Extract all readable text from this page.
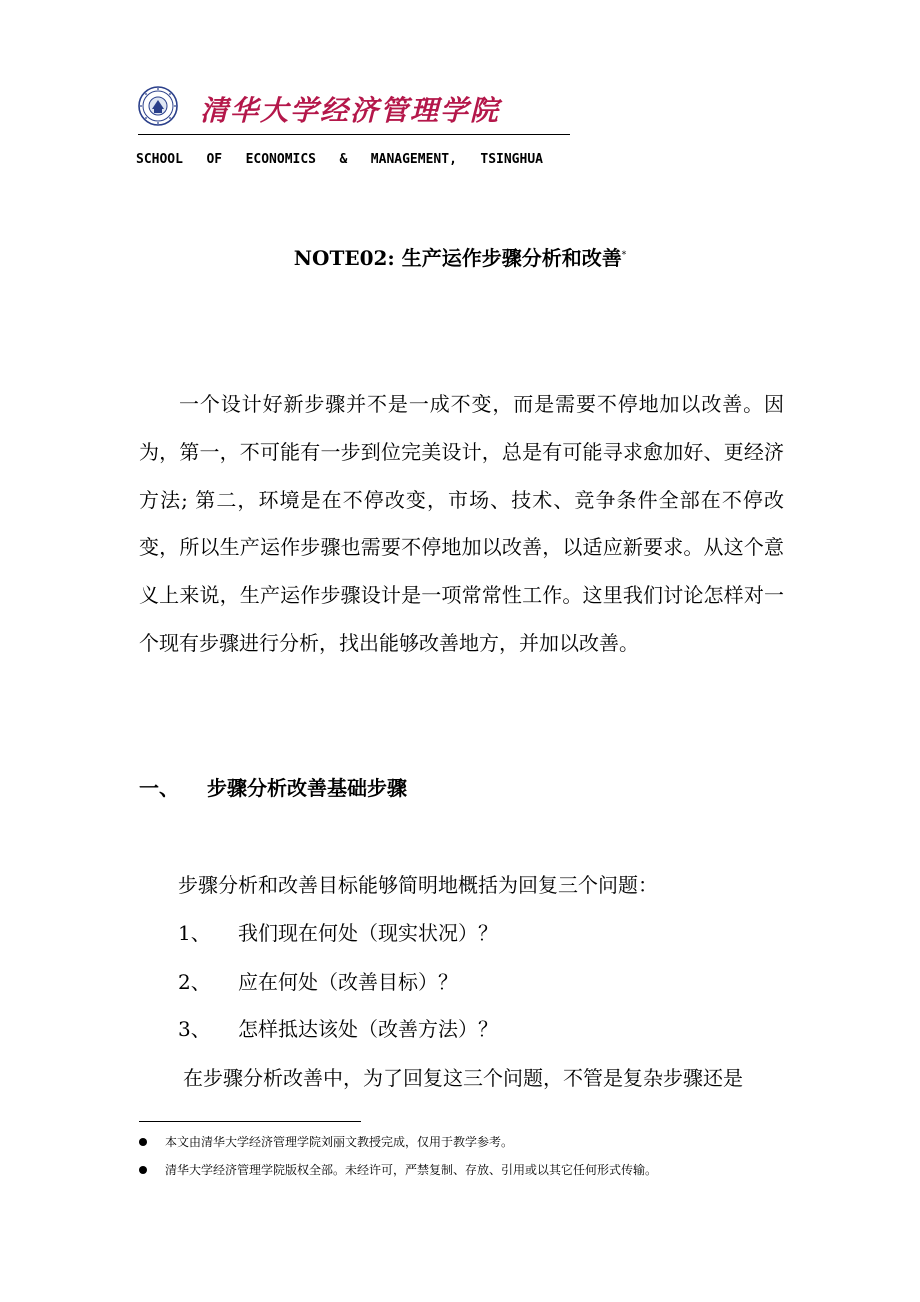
清华大学经济管理学院
SCHOOL   OF   ECONOMICS   &   MANAGEMENT,   TSINGHUA
NOTE02: 生产运作步骤分析和改善*

一个设计好新步骤并不是一成不变，而是需要不停地加以改善。因为，第一，不可能有一步到位完美设计，总是有可能寻求愈加好、更经济方法; 第二，环境是在不停改变，市场、技术、竞争条件全部在不停改变，所以生产运作步骤也需要不停地加以改善，以适应新要求。从这个意义上来说，生产运作步骤设计是一项常常性工作。这里我们讨论怎样对一个现有步骤进行分析，找出能够改善地方，并加以改善。

一、 步骤分析改善基础步骤
步骤分析和改善目标能够简明地概括为回复三个问题：
1、 我们现在何处（现实状况）？
2、 应在何处（改善目标）？
3、 怎样抵达该处（改善方法）？
在步骤分析改善中，为了回复这三个问题，不管是复杂步骤还是
本文由清华大学经济管理学院刘丽文教授完成，仅用于教学参考。
清华大学经济管理学院版权全部。未经许可，严禁复制、存放、引用或以其它任何形式传输。
